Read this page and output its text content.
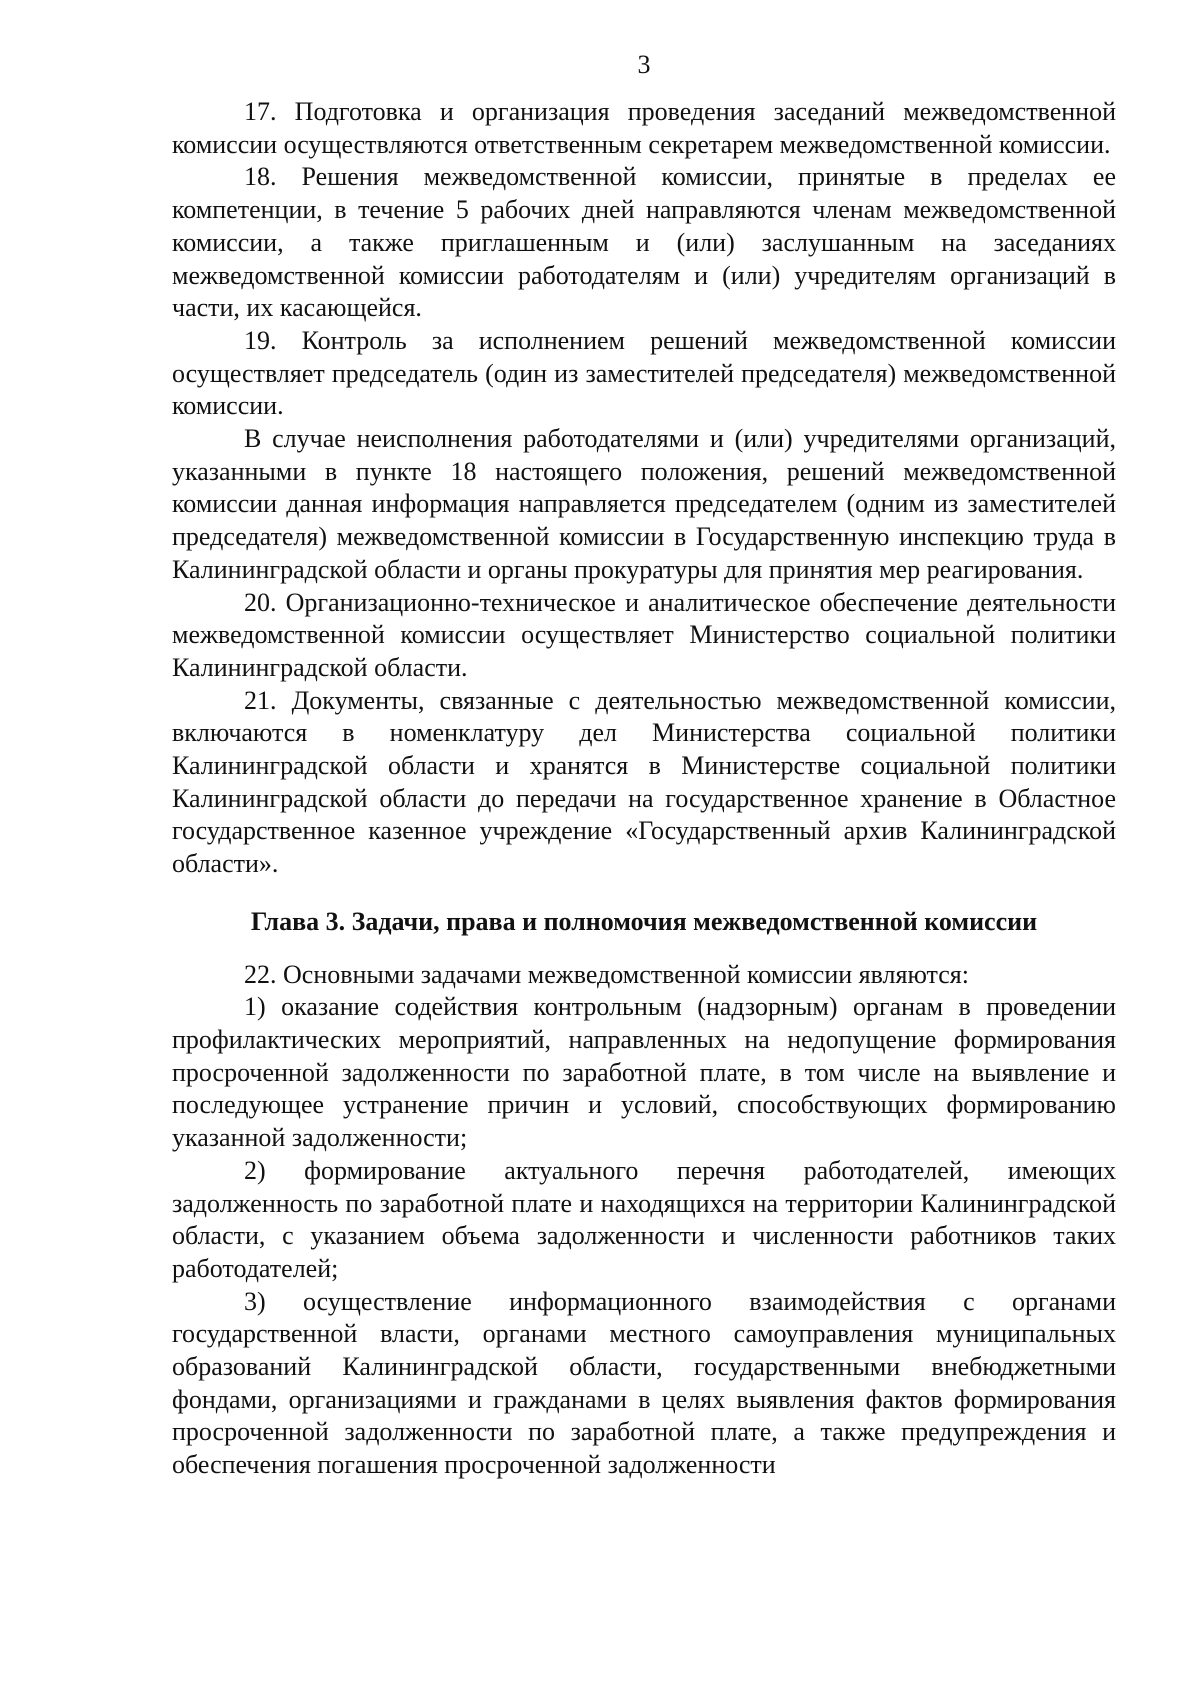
3

17. Подготовка и организация проведения заседаний межведомственной комиссии осуществляются ответственным секретарем межведомственной комиссии.

18. Решения межведомственной комиссии, принятые в пределах ее компетенции, в течение 5 рабочих дней направляются членам межведомственной комиссии, а также приглашенным и (или) заслушанным на заседаниях межведомственной комиссии работодателям и (или) учредителям организаций в части, их касающейся.

19. Контроль за исполнением решений межведомственной комиссии осуществляет председатель (один из заместителей председателя) межведомственной комиссии.

В случае неисполнения работодателями и (или) учредителями организаций, указанными в пункте 18 настоящего положения, решений межведомственной комиссии данная информация направляется председателем (одним из заместителей председателя) межведомственной комиссии в Государственную инспекцию труда в Калининградской области и органы прокуратуры для принятия мер реагирования.

20. Организационно-техническое и аналитическое обеспечение деятельности межведомственной комиссии осуществляет Министерство социальной политики Калининградской области.

21. Документы, связанные с деятельностью межведомственной комиссии, включаются в номенклатуру дел Министерства социальной политики Калининградской области и хранятся в Министерстве социальной политики Калининградской области до передачи на государственное хранение в Областное государственное казенное учреждение «Государственный архив Калининградской области».

Глава 3. Задачи, права и полномочия межведомственной комиссии

22. Основными задачами межведомственной комиссии являются:

1) оказание содействия контрольным (надзорным) органам в проведении профилактических мероприятий, направленных на недопущение формирования просроченной задолженности по заработной плате, в том числе на выявление и последующее устранение причин и условий, способствующих формированию указанной задолженности;

2) формирование актуального перечня работодателей, имеющих задолженность по заработной плате и находящихся на территории Калининградской области, с указанием объема задолженности и численности работников таких работодателей;

3) осуществление информационного взаимодействия с органами государственной власти, органами местного самоуправления муниципальных образований Калининградской области, государственными внебюджетными фондами, организациями и гражданами в целях выявления фактов формирования просроченной задолженности по заработной плате, а также предупреждения и обеспечения погашения просроченной задолженности
